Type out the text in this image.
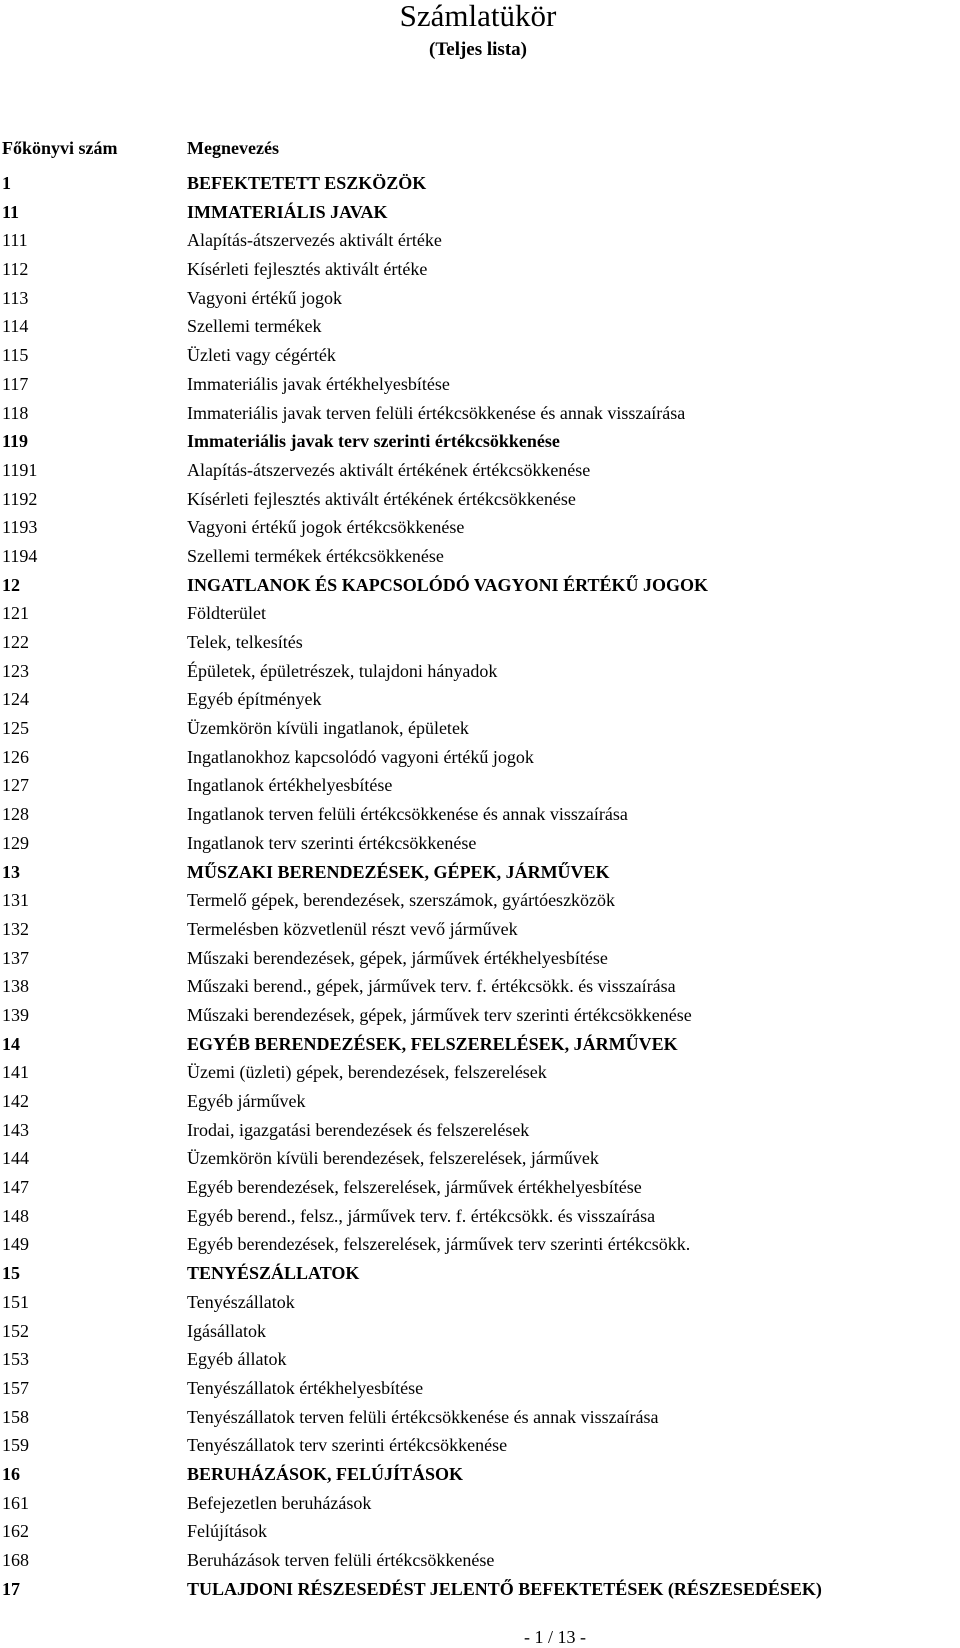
Számlatükör
(Teljes lista)
Főkönyvi szám	Megnevezés
1	BEFEKTETETT ESZKÖZÖK
11	IMMATERIÁLIS JAVAK
111	Alapítás-átszervezés aktivált értéke
112	Kísérleti fejlesztés aktivált értéke
113	Vagyoni értékű jogok
114	Szellemi termékek
115	Üzleti vagy cégérték
117	Immateriális javak értékhelyesbítése
118	Immateriális javak terven felüli értékcsökkenése és annak visszaírása
119	Immateriális javak terv szerinti értékcsökkenése
1191	Alapítás-átszervezés aktivált értékének értékcsökkenése
1192	Kísérleti fejlesztés aktivált értékének értékcsökkenése
1193	Vagyoni értékű jogok értékcsökkenése
1194	Szellemi termékek értékcsökkenése
12	INGATLANOK ÉS KAPCSOLÓDÓ VAGYONI ÉRTÉKŰ JOGOK
121	Földterület
122	Telek, telkesítés
123	Épületek, épületrészek, tulajdoni hányadok
124	Egyéb építmények
125	Üzemkörön kívüli ingatlanok, épületek
126	Ingatlanokhoz kapcsolódó vagyoni értékű jogok
127	Ingatlanok értékhelyesbítése
128	Ingatlanok terven felüli értékcsökkenése és annak visszaírása
129	Ingatlanok terv szerinti értékcsökkenése
13	MŰSZAKI BERENDEZÉSEK, GÉPEK, JÁRMŰVEK
131	Termelő gépek, berendezések, szerszámok, gyártóeszközök
132	Termelésben közvetlenül részt vevő járművek
137	Műszaki berendezések, gépek, járművek értékhelyesbítése
138	Műszaki berend., gépek, járművek terv. f. értékcsökk. és visszaírása
139	Műszaki berendezések, gépek, járművek terv szerinti értékcsökkenése
14	EGYÉB BERENDEZÉSEK, FELSZERELÉSEK, JÁRMŰVEK
141	Üzemi (üzleti) gépek, berendezések, felszerelések
142	Egyéb járművek
143	Irodai, igazgatási berendezések és felszerelések
144	Üzemkörön kívüli berendezések, felszerelések, járművek
147	Egyéb berendezések, felszerelések, járművek értékhelyesbítése
148	Egyéb berend., felsz., járművek terv. f. értékcsökk. és visszaírása
149	Egyéb berendezések, felszerelések, járművek terv szerinti értékcsökk.
15	TENYÉSZÁLLATOK
151	Tenyészállatok
152	Igásállatok
153	Egyéb állatok
157	Tenyészállatok értékhelyesbítése
158	Tenyészállatok terven felüli értékcsökkenése és annak visszaírása
159	Tenyészállatok terv szerinti értékcsökkenése
16	BERUHÁZÁSOK, FELÚJÍTÁSOK
161	Befejezetlen beruházások
162	Felújítások
168	Beruházások terven felüli értékcsökkenése
17	TULAJDONI RÉSZESEDÉST JELENTŐ BEFEKTETÉSEK (RÉSZESEDÉSEK)
- 1 / 13 -
